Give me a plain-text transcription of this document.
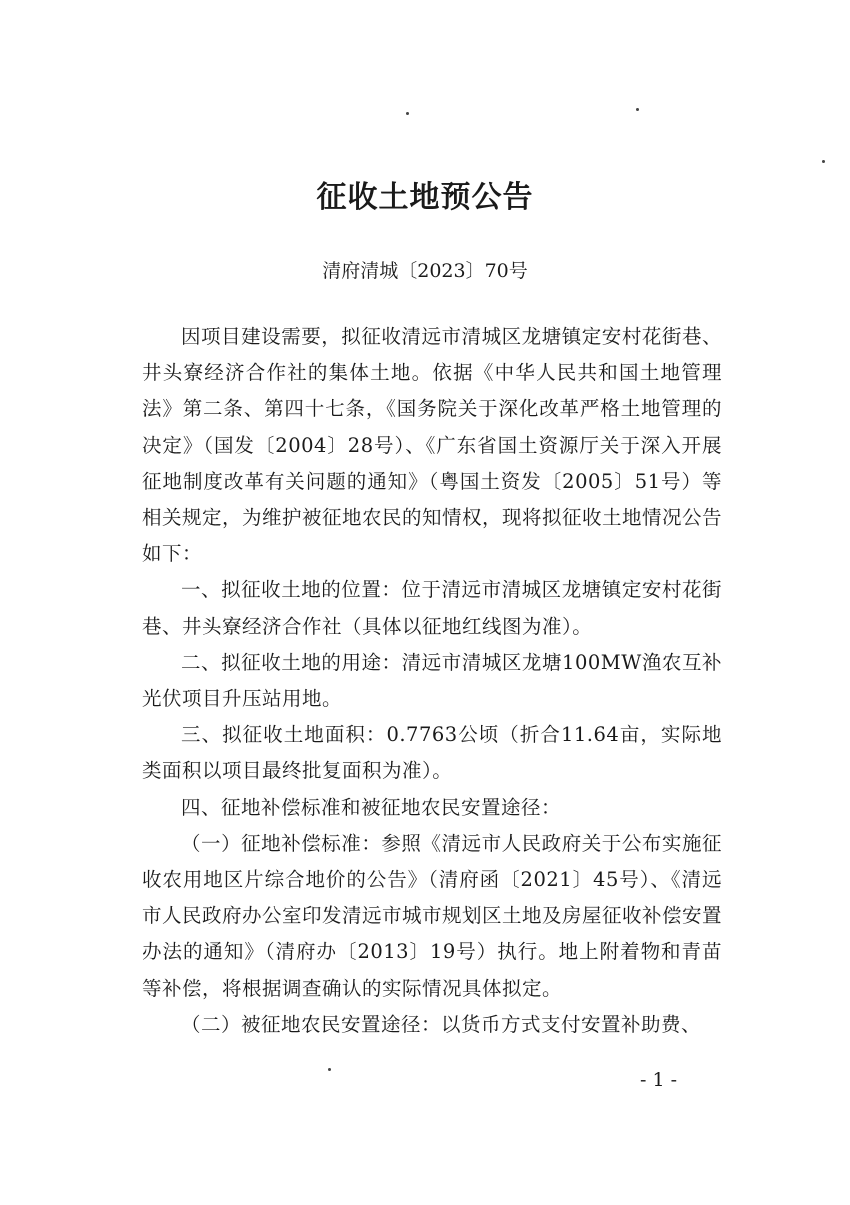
征收土地预公告
清府清城〔2023〕70号

因项目建设需要，拟征收清远市清城区龙塘镇定安村花街巷、井头寮经济合作社的集体土地。依据《中华人民共和国土地管理法》第二条、第四十七条，《国务院关于深化改革严格土地管理的决定》（国发〔2004〕28号）、《广东省国土资源厅关于深入开展征地制度改革有关问题的通知》（粤国土资发〔2005〕51号）等相关规定，为维护被征地农民的知情权，现将拟征收土地情况公告如下：

一、拟征收土地的位置：位于清远市清城区龙塘镇定安村花街巷、井头寮经济合作社（具体以征地红线图为准）。

二、拟征收土地的用途：清远市清城区龙塘100MW渔农互补光伏项目升压站用地。

三、拟征收土地面积：0.7763公顷（折合11.64亩，实际地类面积以项目最终批复面积为准）。

四、征地补偿标准和被征地农民安置途径：

（一）征地补偿标准：参照《清远市人民政府关于公布实施征收农用地区片综合地价的公告》（清府函〔2021〕45号）、《清远市人民政府办公室印发清远市城市规划区土地及房屋征收补偿安置办法的通知》（清府办〔2013〕19号）执行。地上附着物和青苗等补偿，将根据调查确认的实际情况具体拟定。

（二）被征地农民安置途径：以货币方式支付安置补助费、

- 1 -
